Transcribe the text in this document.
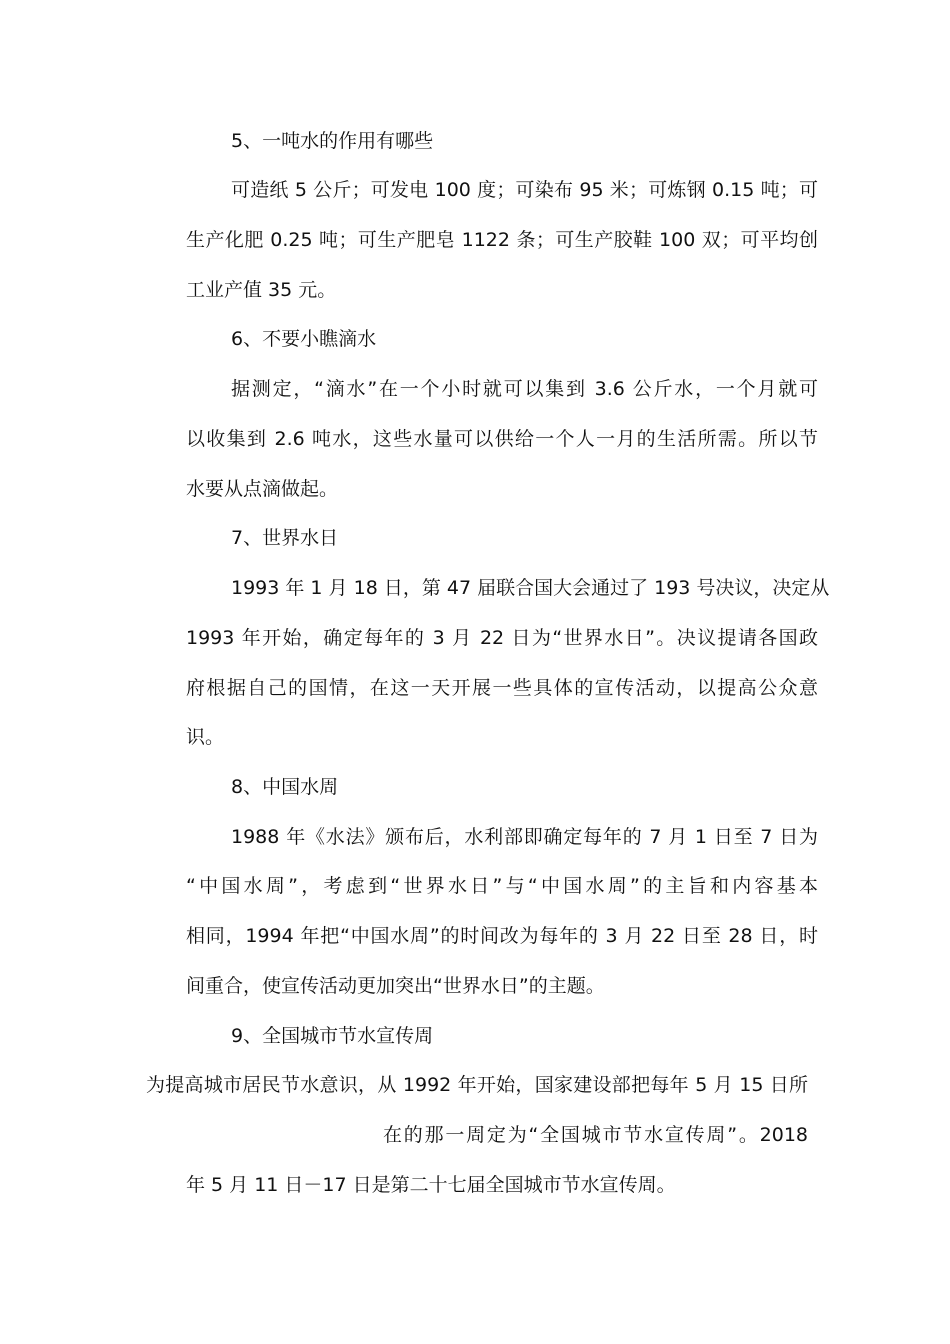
5、一吨水的作用有哪些
可造纸 5 公斤；可发电 100 度；可染布 95 米；可炼钢 0.15 吨；可
生产化肥 0.25 吨；可生产肥皂 1122 条；可生产胶鞋 100 双；可平均创
工业产值 35 元。
6、不要小瞧滴水
据测定，“滴水”在一个小时就可以集到 3.6 公斤水，一个月就可
以收集到 2.6 吨水，这些水量可以供给一个人一月的生活所需。所以节
水要从点滴做起。
7、世界水日
1993 年 1 月 18 日，第 47 届联合国大会通过了 193 号决议，决定从
1993 年开始，确定每年的 3 月 22 日为“世界水日”。决议提请各国政
府根据自己的国情，在这一天开展一些具体的宣传活动，以提高公众意
识。
8、中国水周
1988 年《水法》颁布后，水利部即确定每年的 7 月 1 日至 7 日为
“中国水周”，考虑到“世界水日”与“中国水周”的主旨和内容基本
相同，1994 年把“中国水周”的时间改为每年的 3 月 22 日至 28 日，时
间重合，使宣传活动更加突出“世界水日”的主题。
9、全国城市节水宣传周
为提高城市居民节水意识，从 1992 年开始，国家建设部把每年 5 月 15 日所
在的那一周定为“全国城市节水宣传周”。2018
年 5 月 11 日－17 日是第二十七届全国城市节水宣传周。
